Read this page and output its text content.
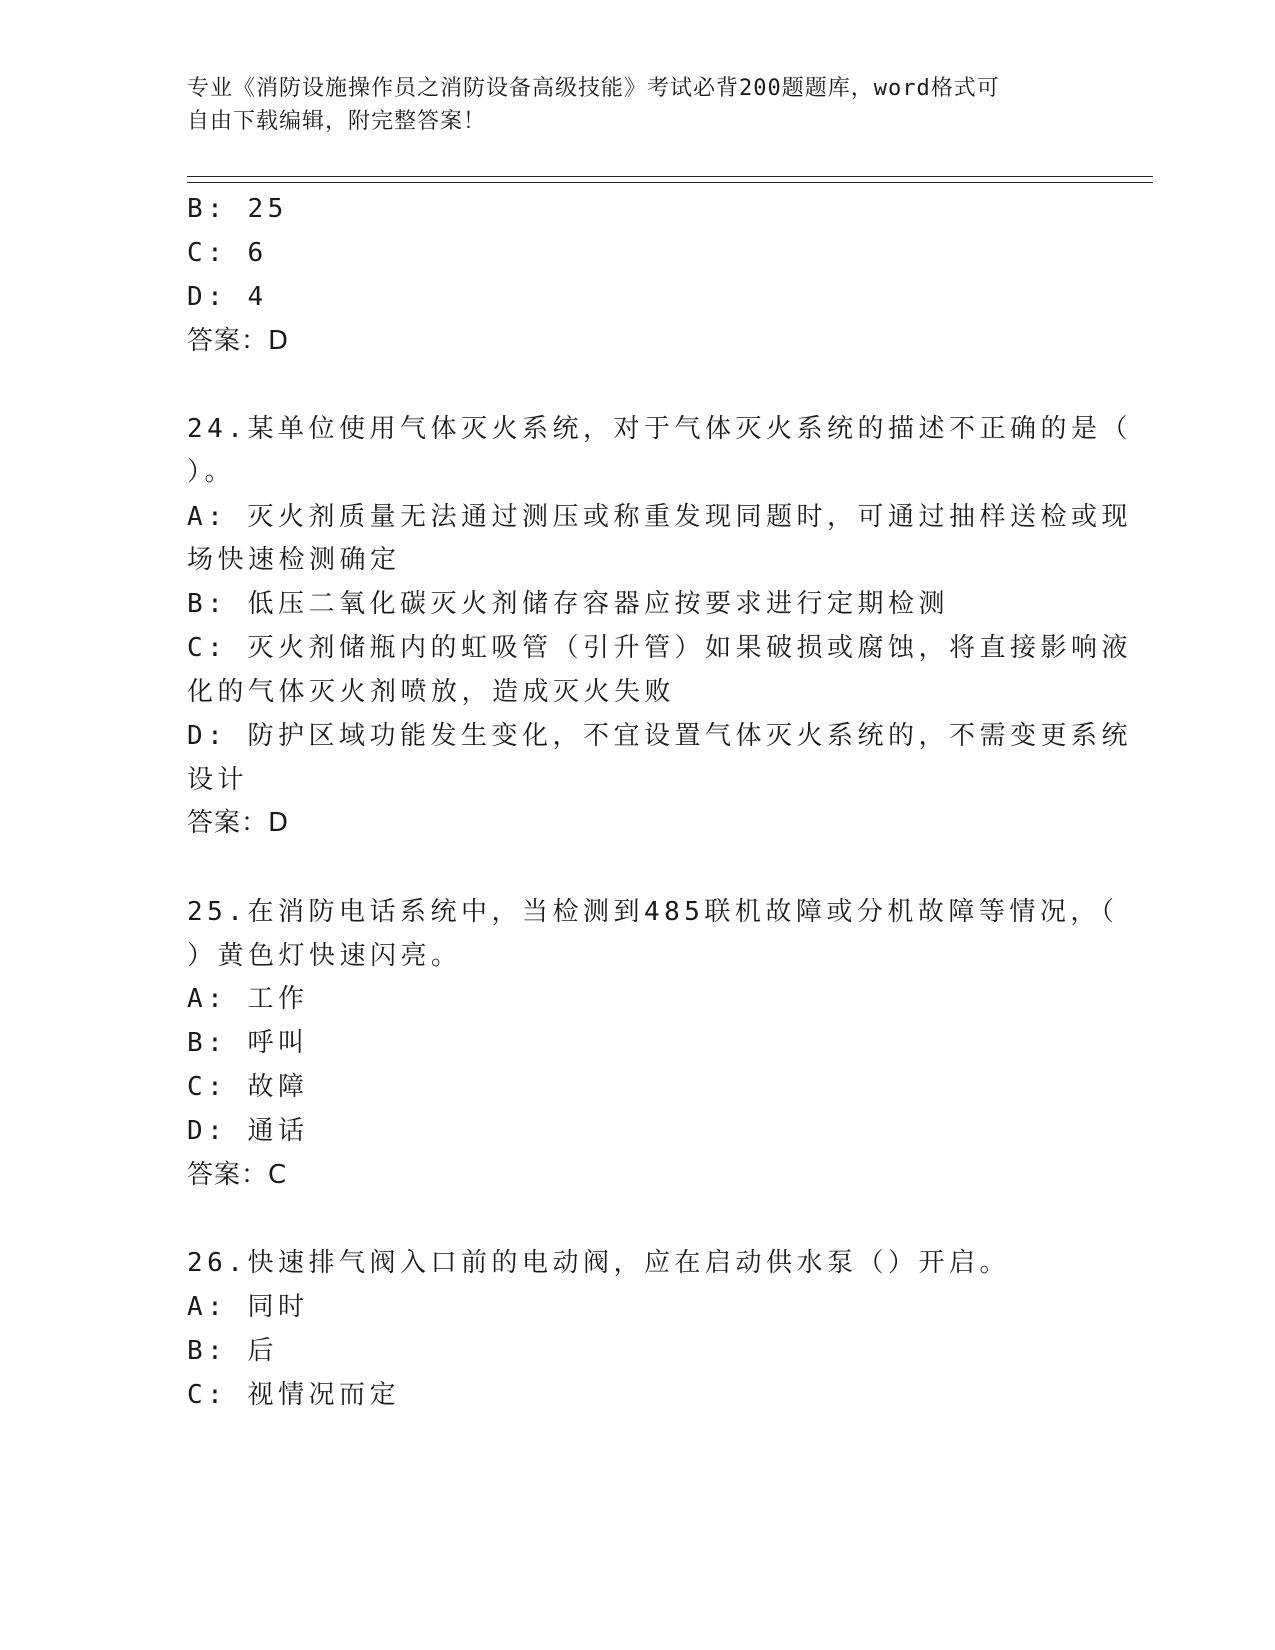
专业《消防设施操作员之消防设备高级技能》考试必背200题题库，word格式可
自由下载编辑，附完整答案！
B: 25
C: 6
D: 4
答案：D
24.某单位使用气体灭火系统，对于气体灭火系统的描述不正确的是（
）。
A: 灭火剂质量无法通过测压或称重发现同题时，可通过抽样送检或现
场快速检测确定
B: 低压二氧化碳灭火剂储存容器应按要求进行定期检测
C: 灭火剂储瓶内的虹吸管（引升管）如果破损或腐蚀，将直接影响液
化的气体灭火剂喷放，造成灭火失败
D: 防护区域功能发生变化，不宜设置气体灭火系统的，不需变更系统
设计
答案：D
25.在消防电话系统中，当检测到485联机故障或分机故障等情况，（
）黄色灯快速闪亮。
A: 工作
B: 呼叫
C: 故障
D: 通话
答案：C
26.快速排气阀入口前的电动阀，应在启动供水泵（）开启。
A: 同时
B: 后
C: 视情况而定
